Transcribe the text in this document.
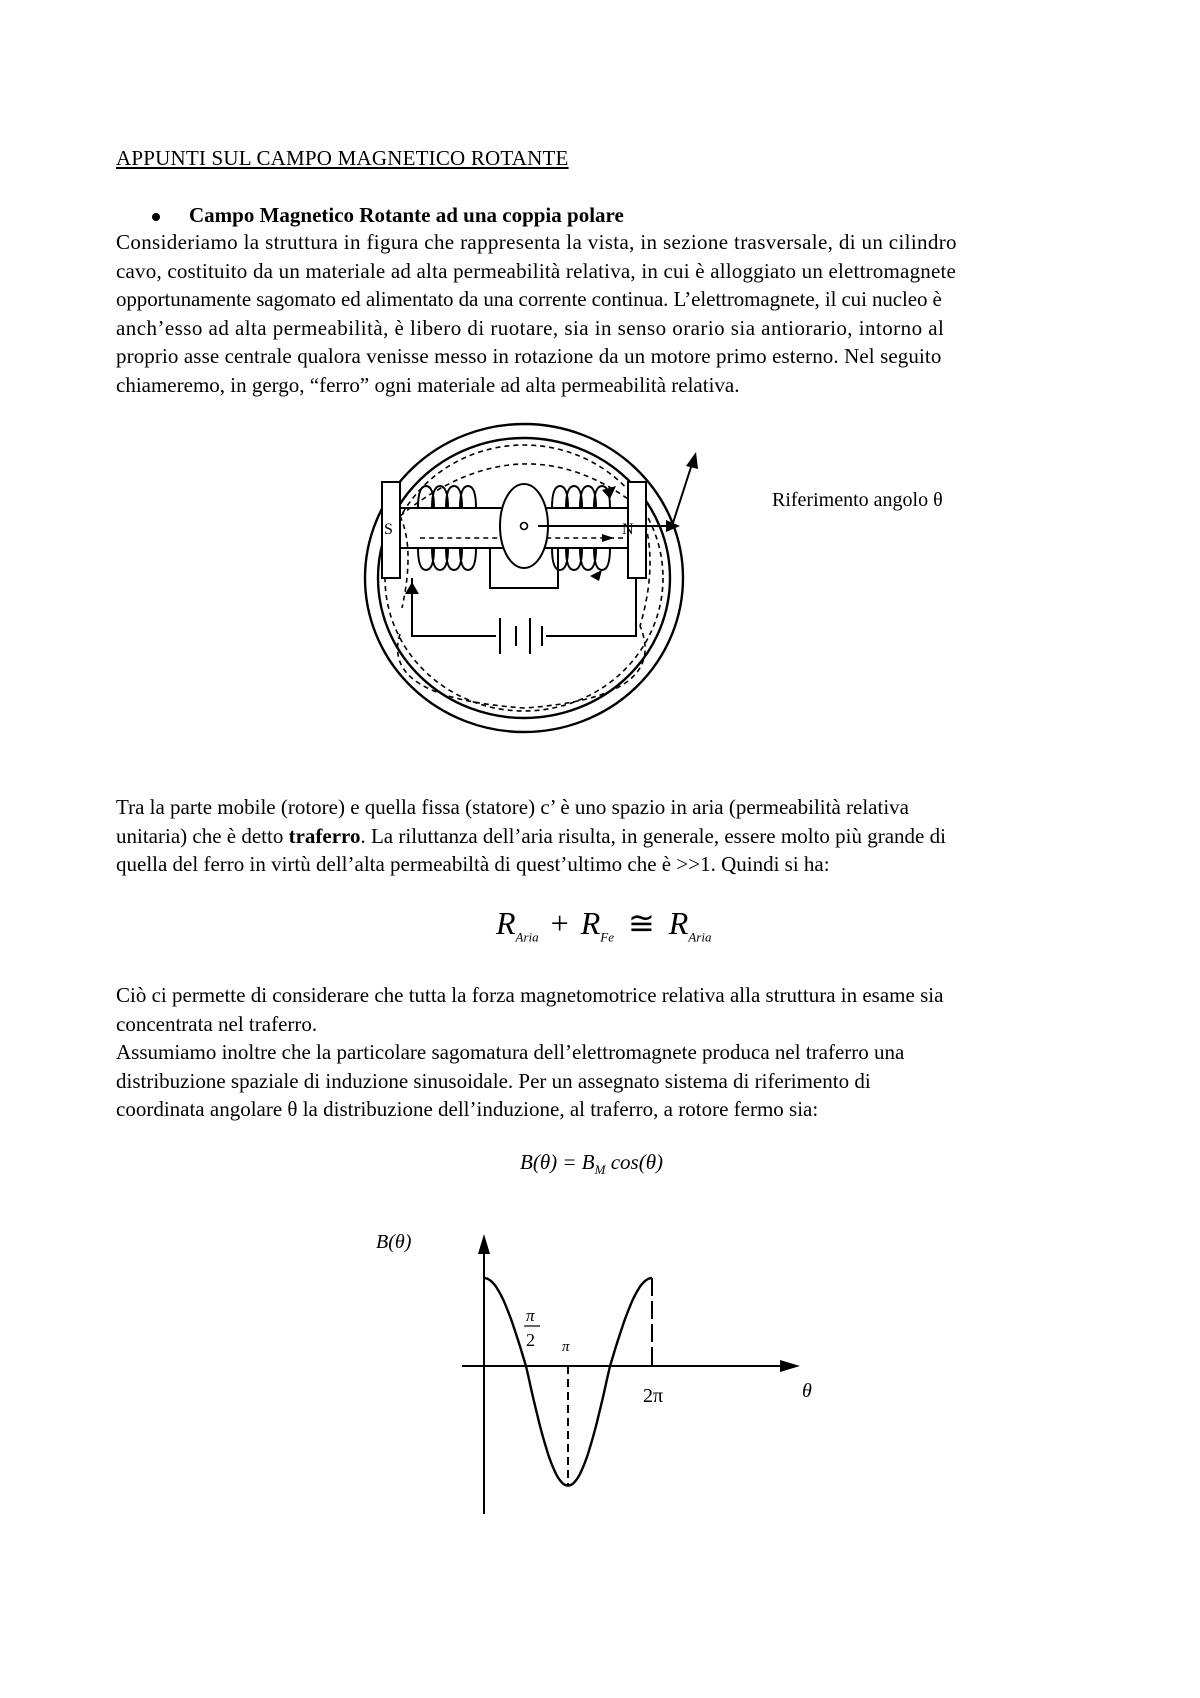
APPUNTI SUL CAMPO MAGNETICO ROTANTE
Campo Magnetico Rotante ad una coppia polare
Consideriamo la struttura in figura che rappresenta la vista, in sezione trasversale, di un cilindro
cavo, costituito da un materiale ad alta permeabilità relativa, in cui è alloggiato un elettromagnete
opportunamente sagomato ed alimentato da una corrente continua. L’elettromagnete, il cui nucleo è
anch’esso ad alta permeabilità, è libero di ruotare, sia in senso orario sia antiorario, intorno al
proprio asse centrale qualora venisse messo in rotazione da un motore primo esterno. Nel seguito
chiameremo, in gergo, “ferro” ogni materiale ad alta permeabilità relativa.
S	N
Riferimento angolo θ
Tra la parte mobile (rotore) e quella fissa (statore) c’ è uno spazio in aria (permeabilità relativa
unitaria) che è detto traferro. La riluttanza dell’aria risulta, in generale, essere molto più grande di
quella del ferro in virtù dell’alta permeabiltà di quest’ultimo che è >>1. Quindi si ha:
$R_{Aria} + R_{Fe}$ ≅ $R_{Aria}$
Ciò ci permette di considerare che tutta la forza magnetomotrice relativa alla struttura in esame sia
concentrata nel traferro.
Assumiamo inoltre che la particolare sagomatura dell’elettromagnete produca nel traferro una
distribuzione spaziale di induzione sinusoidale. Per un assegnato sistema di riferimento di
coordinata angolare θ la distribuzione dell’induzione, al traferro, a rotore fermo sia:
$B(\theta) = B_M$ cos(θ)
B(θ)
π
2 π
2π	θ
